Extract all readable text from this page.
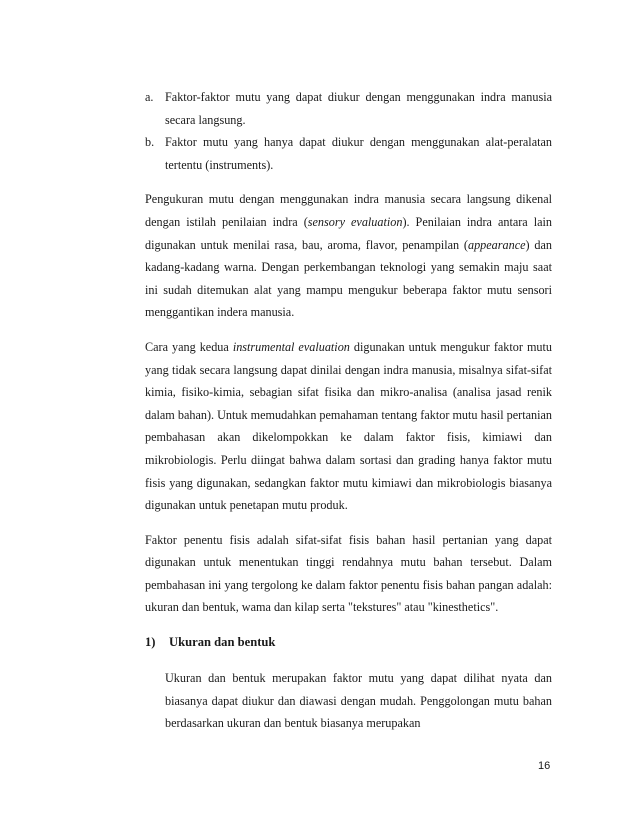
a. Faktor-faktor mutu yang dapat diukur dengan menggunakan indra manusia secara langsung.
b. Faktor mutu yang hanya dapat diukur dengan menggunakan alat-peralatan tertentu (instruments).

Pengukuran mutu dengan menggunakan indra manusia secara langsung dikenal dengan istilah penilaian indra (sensory evaluation). Penilaian indra antara lain digunakan untuk menilai rasa, bau, aroma, flavor, penampilan (appearance) dan kadang-kadang warna. Dengan perkembangan teknologi yang semakin maju saat ini sudah ditemukan alat yang mampu mengukur beberapa faktor mutu sensori menggantikan indera manusia.

Cara yang kedua instrumental evaluation digunakan untuk mengukur faktor mutu yang tidak secara langsung dapat dinilai dengan indra manusia, misalnya sifat-sifat kimia, fisiko-kimia, sebagian sifat fisika dan mikro-analisa (analisa jasad renik dalam bahan). Untuk memudahkan pemahaman tentang faktor mutu hasil pertanian pembahasan akan dikelompokkan ke dalam faktor fisis, kimiawi dan mikrobiologis. Perlu diingat bahwa dalam sortasi dan grading hanya faktor mutu fisis yang digunakan, sedangkan faktor mutu kimiawi dan mikrobiologis biasanya digunakan untuk penetapan mutu produk.

Faktor penentu fisis adalah sifat-sifat fisis bahan hasil pertanian yang dapat digunakan untuk menentukan tinggi rendahnya mutu bahan tersebut. Dalam pembahasan ini yang tergolong ke dalam faktor penentu fisis bahan pangan adalah: ukuran dan bentuk, wama dan kilap serta "tekstures" atau "kinesthetics".

1)	Ukuran dan bentuk

Ukuran dan bentuk merupakan faktor mutu yang dapat dilihat nyata dan biasanya dapat diukur dan diawasi dengan mudah. Penggolongan mutu bahan berdasarkan ukuran dan bentuk biasanya merupakan

16
